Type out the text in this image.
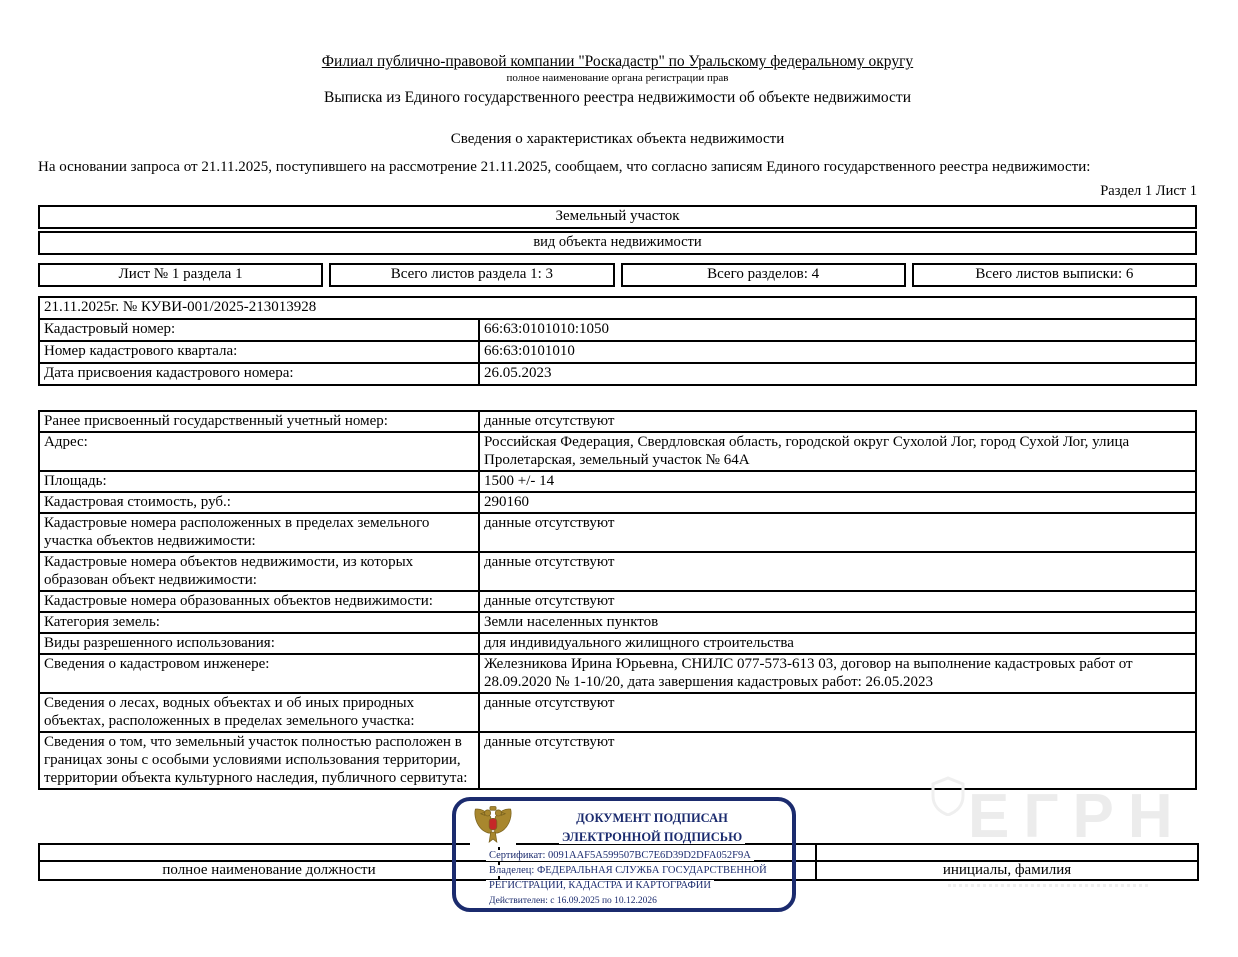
Филиал публично-правовой компании "Роскадастр" по Уральскому федеральному округу
полное наименование органа регистрации прав
Выписка из Единого государственного реестра недвижимости об объекте недвижимости
Сведения о характеристиках объекта недвижимости
На основании запроса от 21.11.2025, поступившего на рассмотрение 21.11.2025, сообщаем, что согласно записям Единого государственного реестра недвижимости:
Раздел 1 Лист 1
Земельный участок
вид объекта недвижимости
Лист № 1 раздела 1	Всего листов раздела 1: 3	Всего разделов: 4	Всего листов выписки: 6
21.11.2025г. № КУВИ-001/2025-213013928	
Кадастровый номер:	66:63:0101010:1050
Номер кадастрового квартала:	66:63:0101010
Дата присвоения кадастрового номера:	26.05.2023
Ранее присвоенный государственный учетный номер:	данные отсутствуют
Адрес:	Российская Федерация, Свердловская область, городской округ Сухолой Лог, город Сухой Лог, улица Пролетарская, земельный участок № 64А
Площадь:	1500 +/- 14
Кадастровая стоимость, руб.:	290160
Кадастровые номера расположенных в пределах земельного участка объектов недвижимости:	данные отсутствуют
Кадастровые номера объектов недвижимости, из которых образован объект недвижимости:	данные отсутствуют
Кадастровые номера образованных объектов недвижимости:	данные отсутствуют
Категория земель:	Земли населенных пунктов
Виды разрешенного использования:	для индивидуального жилищного строительства
Сведения о кадастровом инженере:	Железникова Ирина Юрьевна, СНИЛС 077-573-613 03, договор на выполнение кадастровых работ от 28.09.2020 № 1-10/20, дата завершения кадастровых работ: 26.05.2023
Сведения о лесах, водных объектах и об иных природных объектах, расположенных в пределах земельного участка:	данные отсутствуют
Сведения о том, что земельный участок полностью расположен в границах зоны с особыми условиями использования территории, территории объекта культурного наследия, публичного сервитута:	данные отсутствуют
ЕГРН

полное наименование должности		инициалы, фамилия
ДОКУМЕНТ ПОДПИСАН
ЭЛЕКТРОННОЙ ПОДПИСЬЮ
Сертификат: 0091AAF5A599507BC7E6D39D2DFA052F9A
Владелец: ФЕДЕРАЛЬНАЯ СЛУЖБА ГОСУДАРСТВЕННОЙ
РЕГИСТРАЦИИ, КАДАСТРА И КАРТОГРАФИИ
Действителен: с 16.09.2025 по 10.12.2026
